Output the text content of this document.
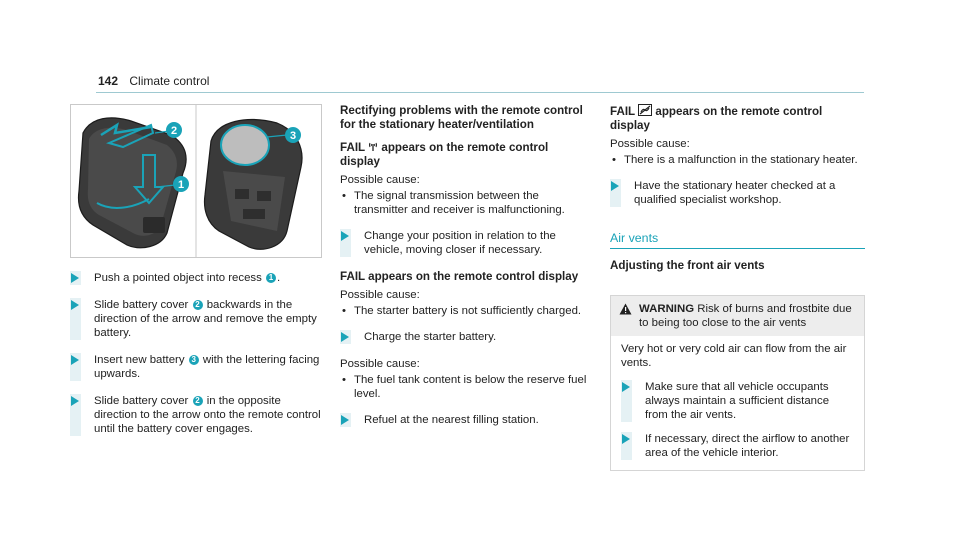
142 Climate control
2
1
3
Push a pointed object into recess 1 .
Slide battery cover 2 backwards in the direction of the arrow and remove the empty battery.
Insert new battery 3 with the lettering facing upwards.
Slide battery cover 2 in the opposite direction to the arrow onto the remote control until the battery cover engages.

Rectifying problems with the remote control for the stationary heater/ventilation

FAIL appears on the remote control display

Possible cause:

• The signal transmission between the transmitter and receiver is malfunctioning.

Change your position in relation to the vehicle, moving closer if necessary.

FAIL appears on the remote control display

Possible cause:

• The starter battery is not sufficiently charged.

Charge the starter battery.

Possible cause:

• The fuel tank content is below the reserve fuel level.

Refuel at the nearest filling station.

FAIL appears on the remote control display

Possible cause:

• There is a malfunction in the stationary heater.

Have the stationary heater checked at a qualified specialist workshop.
Air vents

Adjusting the front air vents

WARNING Risk of burns and frostbite due to being too close to the air vents

Very hot or very cold air can flow from the air vents.

Make sure that all vehicle occupants always maintain a sufficient distance from the air vents.
If necessary, direct the airflow to another area of the vehicle interior.
